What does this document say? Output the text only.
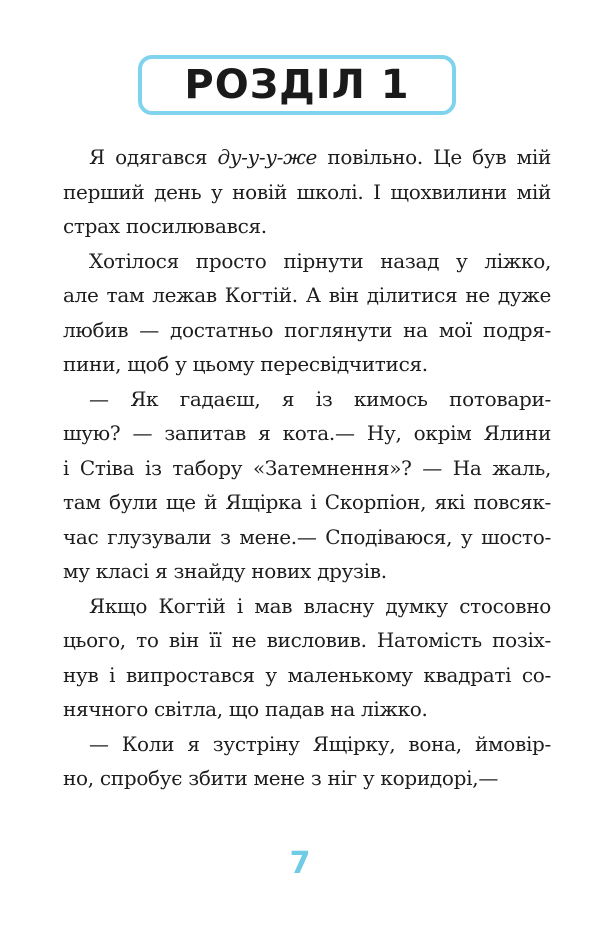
РОЗДІЛ 1
Я одягався ду-у-у-же повільно. Це був мій
перший день у новій школі. І щохвилини мій
страх посилювався.
Хотілося просто пірнути назад у ліжко,
але там лежав Когтій. А він ділитися не дуже
любив — достатньо поглянути на мої подря-
пини, щоб у цьому пересвідчитися.
— Як гадаєш, я із кимось потовари-
шую? — запитав я кота.— Ну, окрім Ялини
і Стіва із табору «Затемнення»? — На жаль,
там були ще й Ящірка і Скорпіон, які повсяк-
час глузували з мене.— Сподіваюся, у шосто-
му класі я знайду нових друзів.
Якщо Когтій і мав власну думку стосовно
цього, то він її не висловив. Натомість позіх-
нув і випростався у маленькому квадраті со-
нячного світла, що падав на ліжко.
— Коли я зустріну Ящірку, вона, ймовір-
но, спробує збити мене з ніг у коридорі,—
7
